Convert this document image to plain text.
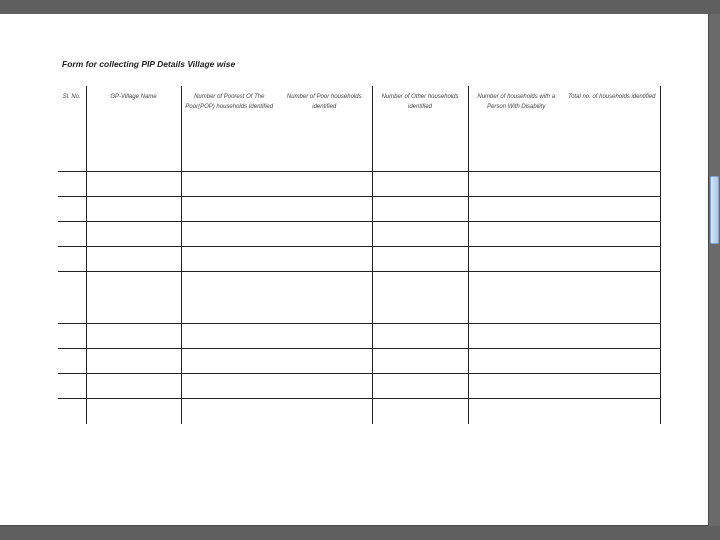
Form for collecting PIP Details Village wise
Sl. No.	GP-Village Name	Number of Poorest Of The Poor(POP) households Identified	Number of Poor households identified	Number of Other households identified	Number of households with a Person With Disability	Total no. of households identified
